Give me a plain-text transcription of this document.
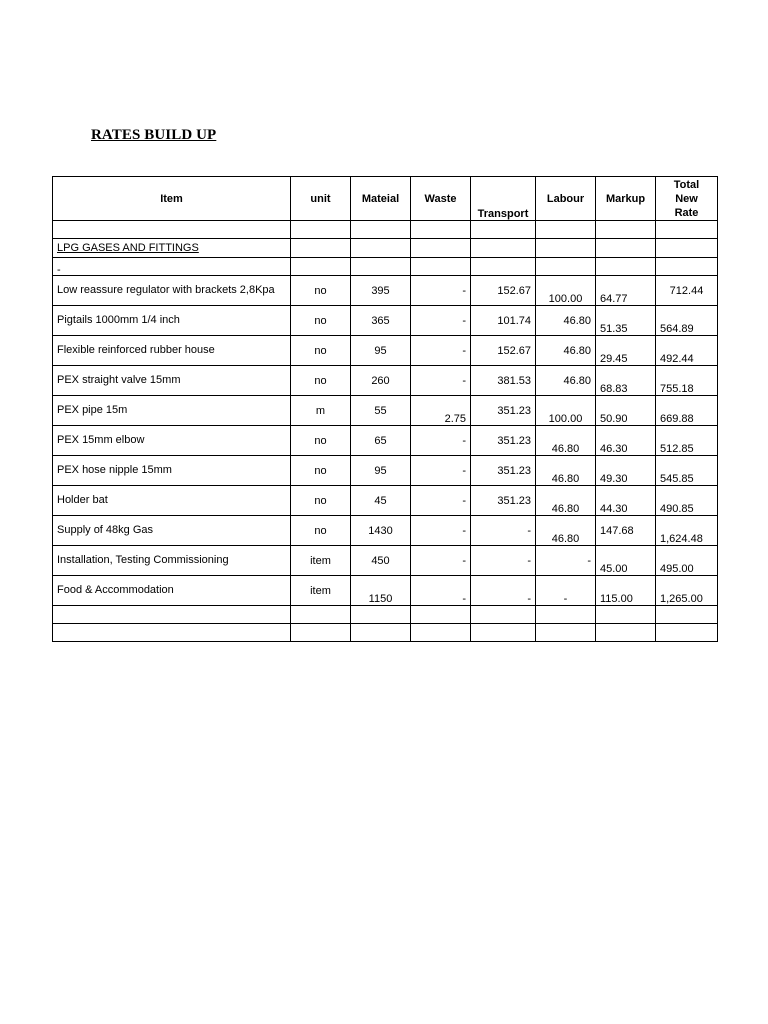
RATES BUILD UP
Item	unit	Mateial	Waste	Transport	Labour	Markup	Total
New
Rate

LPG GASES AND FITTINGS							
-							
Low reassure regulator with brackets 2,8Kpa	no	395	-	152.67	100.00	64.77	712.44
Pigtails 1000mm 1/4 inch	no	365	-	101.74	46.80	51.35	564.89
Flexible reinforced rubber house	no	95	-	152.67	46.80	29.45	492.44
PEX straight valve 15mm	no	260	-	381.53	46.80	68.83	755.18
PEX pipe 15m	m	55	2.75	351.23	100.00	50.90	669.88
PEX 15mm elbow	no	65	-	351.23	46.80	46.30	512.85
PEX hose nipple 15mm	no	95	-	351.23	46.80	49.30	545.85
Holder bat	no	45	-	351.23	46.80	44.30	490.85
Supply of 48kg Gas	no	1430	-	-	46.80	147.68	1,624.48
Installation, Testing Commissioning	item	450	-	-	-	45.00	495.00
Food & Accommodation	item	1150	-	-	-	115.00	1,265.00
